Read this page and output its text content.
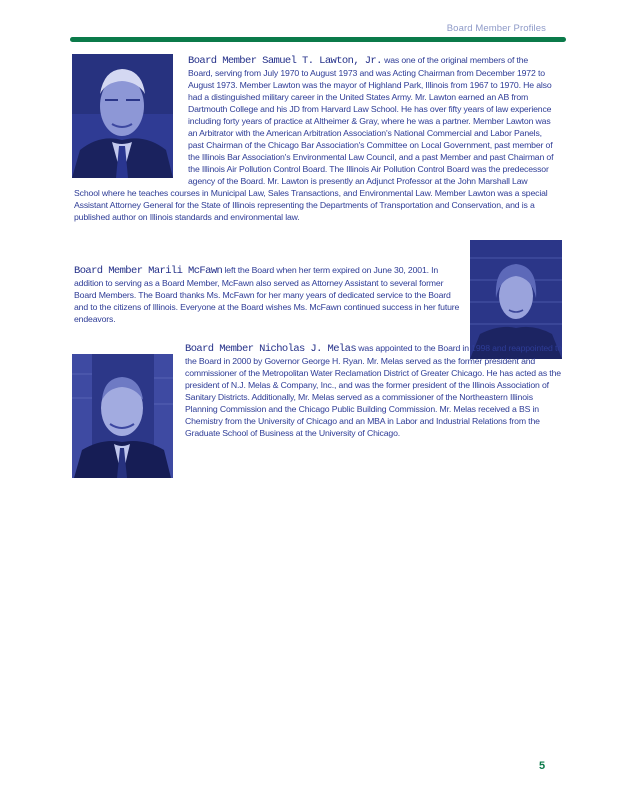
Board Member Profiles

Board Member Samuel T. Lawton, Jr. was one of the original members of the Board, serving from July 1970 to August 1973 and was Acting Chairman from December 1972 to August 1973. Member Lawton was the mayor of Highland Park, Illinois from 1967 to 1970. He also had a distinguished military career in the United States Army. Mr. Lawton earned an AB from Dartmouth College and his JD from Harvard Law School. He has over fifty years of law experience including forty years of practice at Altheimer & Gray, where he was a partner. Member Lawton was an Arbitrator with the American Arbitration Association's National Commercial and Labor Panels, past Chairman of the Chicago Bar Association's Committee on Local Government, past member of the Illinois Bar Association's Environmental Law Council, and a past Member and past Chairman of the Illinois Air Pollution Control Board. The Illinois Air Pollution Control Board was the predecessor agency of the Board. Mr. Lawton is presently an Adjunct Professor at the John Marshall Law School where he teaches courses in Municipal Law, Sales Transactions, and Environmental Law. Member Lawton was a special Assistant Attorney General for the State of Illinois representing the Departments of Transportation and Conservation, and is a published author on Illinois standards and environmental law.

Board Member Marili McFawn left the Board when her term expired on June 30, 2001. In addition to serving as a Board Member, McFawn also served as Attorney Assistant to several former Board Members. The Board thanks Ms. McFawn for her many years of dedicated service to the Board and to the citizens of Illinois. Everyone at the Board wishes Ms. McFawn continued success in her future endeavors.

Board Member Nicholas J. Melas was appointed to the Board in 1998 and reappointed to the Board in 2000 by Governor George H. Ryan. Mr. Melas served as the former president and commissioner of the Metropolitan Water Reclamation District of Greater Chicago. He has acted as the president of N.J. Melas & Company, Inc., and was the former president of the Illinois Association of Sanitary Districts. Additionally, Mr. Melas served as a commissioner of the Northeastern Illinois Planning Commission and the Chicago Public Building Commission. Mr. Melas received a BS in Chemistry from the University of Chicago and an MBA in Labor and Industrial Relations from the Graduate School of Business at the University of Chicago.

5
